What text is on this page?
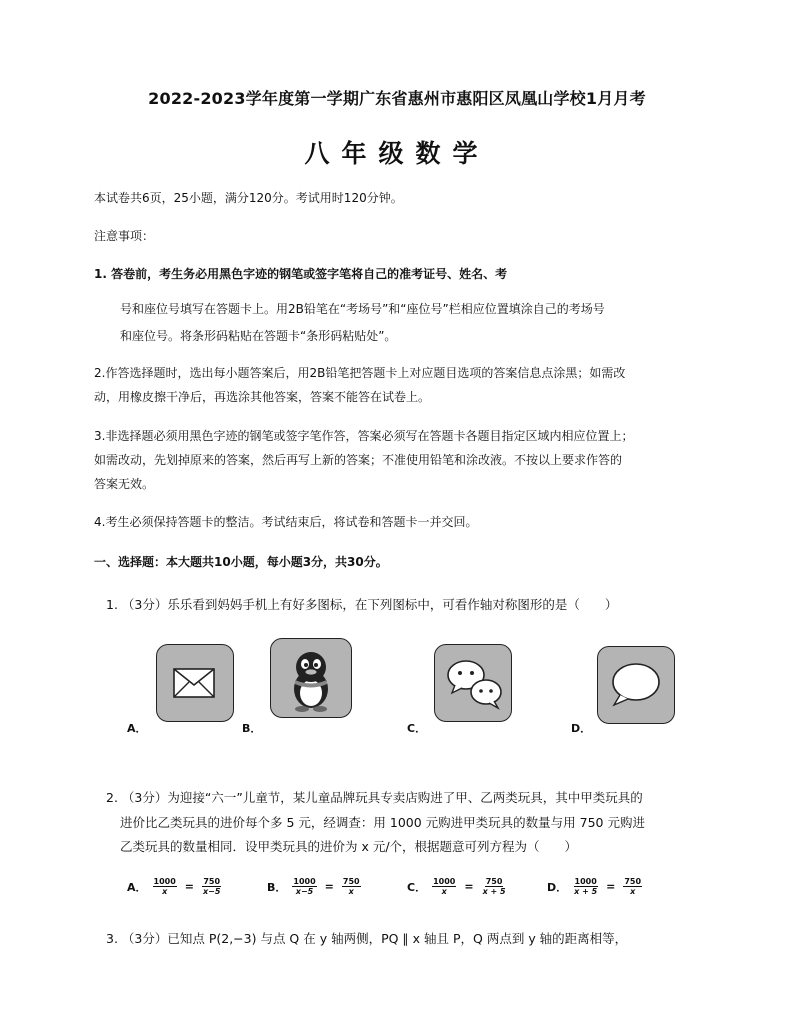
2022-2023学年度第一学期广东省惠州市惠阳区凤凰山学校1月月考
八年级数学
本试卷共6页，25小题，满分120分。考试用时120分钟。
注意事项：
1. 答卷前，考生务必用黑色字迹的钢笔或签字笔将自己的准考证号、姓名、考
号和座位号填写在答题卡上。用2B铅笔在“考场号”和“座位号”栏相应位置填涂自己的考场号
和座位号。将条形码粘贴在答题卡“条形码粘贴处”。
2.作答选择题时，选出每小题答案后，用2B铅笔把答题卡上对应题目选项的答案信息点涂黑；如需改
动，用橡皮擦干净后，再选涂其他答案，答案不能答在试卷上。
3.非选择题必须用黑色字迹的钢笔或签字笔作答，答案必须写在答题卡各题目指定区域内相应位置上；
如需改动，先划掉原来的答案，然后再写上新的答案；不准使用铅笔和涂改液。不按以上要求作答的
答案无效。
4.考生必须保持答题卡的整洁。考试结束后，将试卷和答题卡一并交回。
一、选择题：本大题共10小题，每小题3分，共30分。
1. （3分）乐乐看到妈妈手机上有好多图标，在下列图标中，可看作轴对称图形的是（　　）
A．	B．	C．	D．
2. （3分）为迎接“六一”儿童节，某儿童品牌玩具专卖店购进了甲、乙两类玩具，其中甲类玩具的
进价比乙类玩具的进价每个多 5 元，经调查：用 1000 元购进甲类玩具的数量与用 750 元购进
乙类玩具的数量相同．设甲类玩具的进价为 x 元/个，根据题意可列方程为（　　）
A． $\frac{1000}{x} = \frac{750}{x-5}$	B． $\frac{1000}{x-5} = \frac{750}{x}$	C． $\frac{1000}{x} = \frac{750}{x + 5}$	D． $\frac{1000}{x + 5} = \frac{750}{x}$
3. （3分）已知点 P(2,−3) 与点 Q 在 y 轴两侧，PQ ∥ x 轴且 P，Q 两点到 y 轴的距离相等，
